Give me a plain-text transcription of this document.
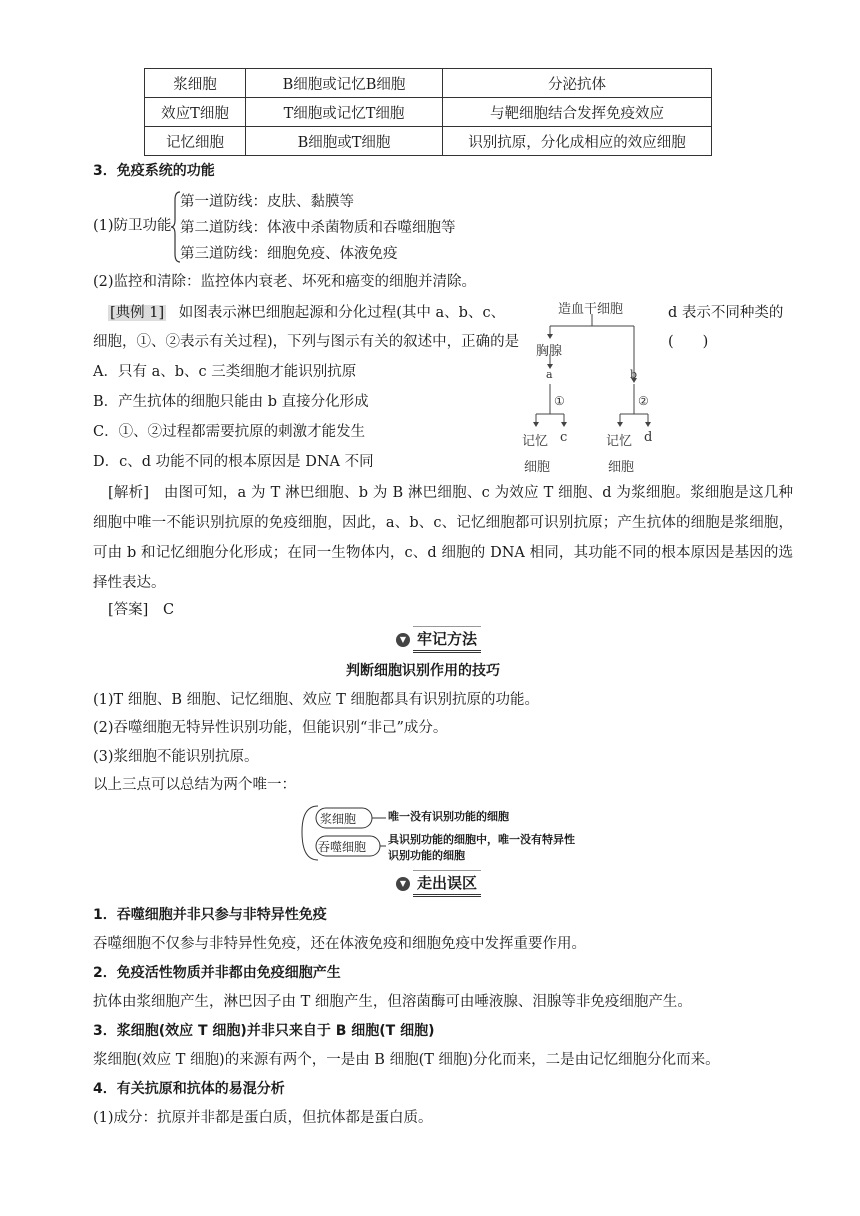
浆细胞	B细胞或记忆B细胞	分泌抗体
效应T细胞	T细胞或记忆T细胞	与靶细胞结合发挥免疫效应
记忆细胞	B细胞或T细胞	识别抗原，分化成相应的效应细胞
3．免疫系统的功能
(1)防卫功能
第一道防线：皮肤、黏膜等
第二道防线：体液中杀菌物质和吞噬细胞等
第三道防线：细胞免疫、体液免疫
(2)监控和清除：监控体内衰老、坏死和癌变的细胞并清除。
[典例 1] 如图表示淋巴细胞起源和分化过程(其中 a、b、c、	d 表示不同种类的
细胞，①、②表示有关过程)，下列与图示有关的叙述中，正确的是	(　　)
A．只有 a、b、c 三类细胞才能识别抗原
B．产生抗体的细胞只能由 b 直接分化形成
C．①、②过程都需要抗原的刺激才能发生
D．c、d 功能不同的根本原因是 DNA 不同
造血干细胞
胸腺
a	b
①	②
记忆
细胞
c	记忆
细胞
d
[解析] 由图可知，a 为 T 淋巴细胞、b 为 B 淋巴细胞、c 为效应 T 细胞、d 为浆细胞。浆细胞是这几种细胞中唯一不能识别抗原的免疫细胞，因此，a、b、c、记忆细胞都可识别抗原；产生抗体的细胞是浆细胞，可由 b 和记忆细胞分化形成；在同一生物体内，c、d 细胞的 DNA 相同，其功能不同的根本原因是基因的选择性表达。
[答案] C
▼ 牢记方法
判断细胞识别作用的技巧
(1)T 细胞、B 细胞、记忆细胞、效应 T 细胞都具有识别抗原的功能。
(2)吞噬细胞无特异性识别功能，但能识别“非己”成分。
(3)浆细胞不能识别抗原。
以上三点可以总结为两个唯一：
浆细胞
吞噬细胞
唯一没有识别功能的细胞
具识别功能的细胞中，唯一没有特异性
识别功能的细胞
▼ 走出误区
1．吞噬细胞并非只参与非特异性免疫
吞噬细胞不仅参与非特异性免疫，还在体液免疫和细胞免疫中发挥重要作用。
2．免疫活性物质并非都由免疫细胞产生
抗体由浆细胞产生，淋巴因子由 T 细胞产生，但溶菌酶可由唾液腺、泪腺等非免疫细胞产生。
3．浆细胞(效应 T 细胞)并非只来自于 B 细胞(T 细胞)
浆细胞(效应 T 细胞)的来源有两个，一是由 B 细胞(T 细胞)分化而来，二是由记忆细胞分化而来。
4．有关抗原和抗体的易混分析
(1)成分：抗原并非都是蛋白质，但抗体都是蛋白质。
